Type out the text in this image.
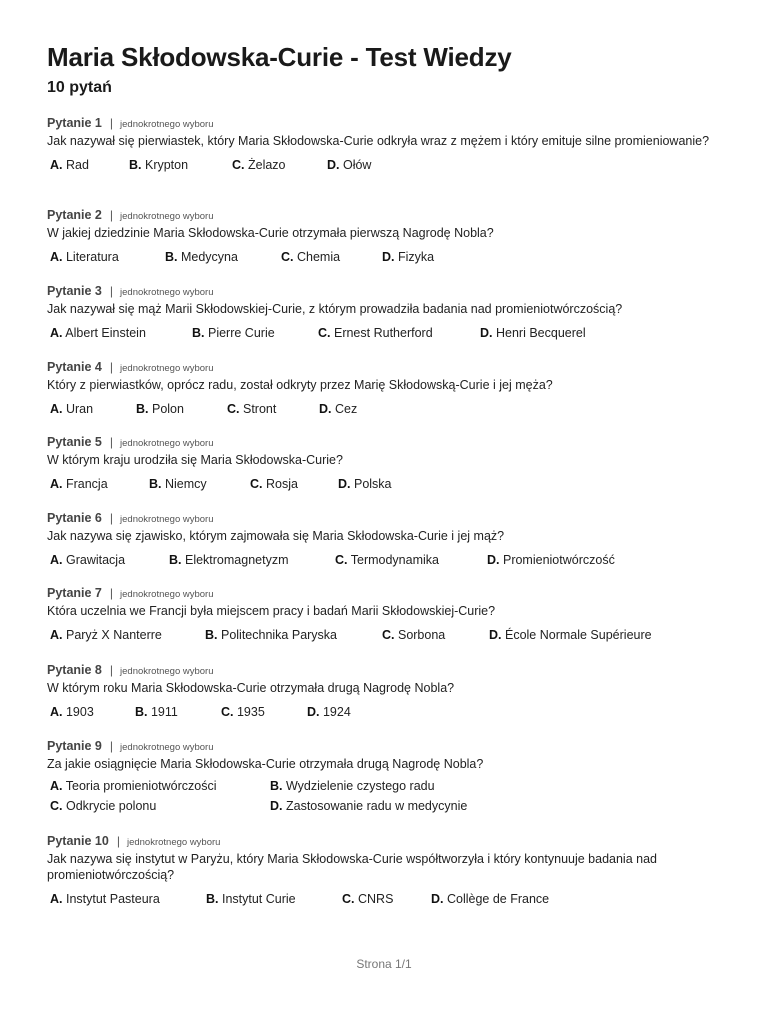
Maria Skłodowska-Curie - Test Wiedzy
10 pytań
Pytanie 1 | jednokrotnego wyboru
Jak nazywał się pierwiastek, który Maria Skłodowska-Curie odkryła wraz z mężem i który emituje silne promieniowanie?
A. Rad	B. Krypton	C. Żelazo	D. Ołów
Pytanie 2 | jednokrotnego wyboru
W jakiej dziedzinie Maria Skłodowska-Curie otrzymała pierwszą Nagrodę Nobla?
A. Literatura	B. Medycyna	C. Chemia	D. Fizyka
Pytanie 3 | jednokrotnego wyboru
Jak nazywał się mąż Marii Skłodowskiej-Curie, z którym prowadziła badania nad promieniotwórczością?
A. Albert Einstein	B. Pierre Curie	C. Ernest Rutherford	D. Henri Becquerel
Pytanie 4 | jednokrotnego wyboru
Który z pierwiastków, oprócz radu, został odkryty przez Marię Skłodowską-Curie i jej męża?
A. Uran	B. Polon	C. Stront	D. Cez
Pytanie 5 | jednokrotnego wyboru
W którym kraju urodziła się Maria Skłodowska-Curie?
A. Francja	B. Niemcy	C. Rosja	D. Polska
Pytanie 6 | jednokrotnego wyboru
Jak nazywa się zjawisko, którym zajmowała się Maria Skłodowska-Curie i jej mąż?
A. Grawitacja	B. Elektromagnetyzm	C. Termodynamika	D. Promieniotwórczość
Pytanie 7 | jednokrotnego wyboru
Która uczelnia we Francji była miejscem pracy i badań Marii Skłodowskiej-Curie?
A. Paryż X Nanterre	B. Politechnika Paryska	C. Sorbona	D. École Normale Supérieure
Pytanie 8 | jednokrotnego wyboru
W którym roku Maria Skłodowska-Curie otrzymała drugą Nagrodę Nobla?
A. 1903	B. 1911	C. 1935	D. 1924
Pytanie 9 | jednokrotnego wyboru
Za jakie osiągnięcie Maria Skłodowska-Curie otrzymała drugą Nagrodę Nobla?
A. Teoria promieniotwórczości	B. Wydzielenie czystego radu
C. Odkrycie polonu	D. Zastosowanie radu w medycynie
Pytanie 10 | jednokrotnego wyboru
Jak nazywa się instytut w Paryżu, który Maria Skłodowska-Curie współtworzyła i który kontynuuje badania nad promieniotwórczością?
A. Instytut Pasteura	B. Instytut Curie	C. CNRS	D. Collège de France
Strona 1/1
